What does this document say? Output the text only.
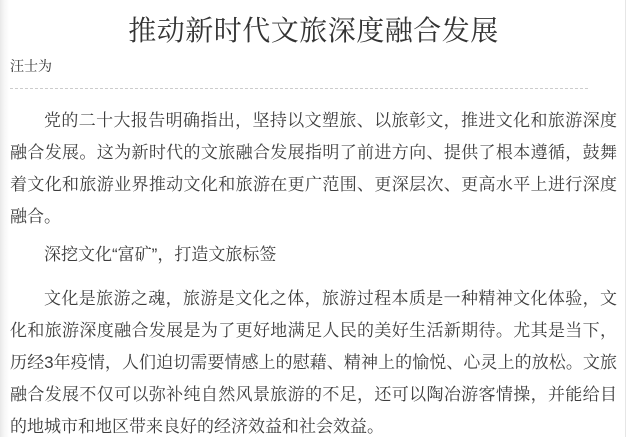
推动新时代文旅深度融合发展
汪士为

党的二十大报告明确指出，坚持以文塑旅、以旅彰文，推进文化和旅游深度融合发展。这为新时代的文旅融合发展指明了前进方向、提供了根本遵循，鼓舞着文化和旅游业界推动文化和旅游在更广范围、更深层次、更高水平上进行深度融合。

深挖文化“富矿”，打造文旅标签

文化是旅游之魂，旅游是文化之体，旅游过程本质是一种精神文化体验，文化和旅游深度融合发展是为了更好地满足人民的美好生活新期待。尤其是当下，历经3年疫情，人们迫切需要情感上的慰藉、精神上的愉悦、心灵上的放松。文旅融合发展不仅可以弥补纯自然风景旅游的不足，还可以陶冶游客情操，并能给目的地城市和地区带来良好的经济效益和社会效益。
